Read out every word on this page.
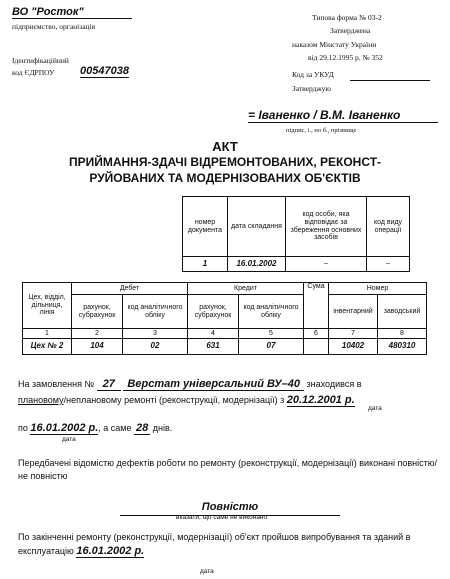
ВО "Росток"
підприємство, організація
Ідентифікаційний
код ЄДРПОУ 00547038
Типова форма № 03-2
Затверджена
наказом Мінстату України
від 29.12.1995 р. № 352
Код за УКУД
Затверджую
= Іваненко / В.М. Іваненко
підпис, і., по б., прізвище
АКТ
ПРИЙМАННЯ-ЗДАЧІ ВІДРЕМОНТОВАНИХ, РЕКОНСТ-
РУЙОВАНИХ ТА МОДЕРНІЗОВАНИХ ОБ'ЄКТІВ
номер документа	дата складання	код особи, яка відповідає за збереження основних засобів	код виду операції
1	16.01.2002	–	–
Цех, відділ, дільниця, лінія	Дебет		Кредит		Сума	Номер	
	рахунок, субрахунок	код аналітичного обліку	рахунок, субрахунок	код аналітичного обліку		інвентарний	заводський
1	2	3	4	5	6	7	8
Цех № 2	104	02	631	07		10402	480310
На замовлення № 27 Верстат універсальний ВУ–40 знаходився в
плановому/неплановому ремонті (реконструкції, модернізації) з 20.12.2001 р.
дата
по 16.01.2002 р., а саме 28 днів.
дата
Передбачені відомістю дефектів роботи по ремонту (реконструкції, модернізації) виконані повністю/не повністю
Повністю
вказати, що саме не виконано
По закінченні ремонту (реконструкції, модернізації) об'єкт пройшов випробування та зданий в експлуатацію 16.01.2002 р.
дата
